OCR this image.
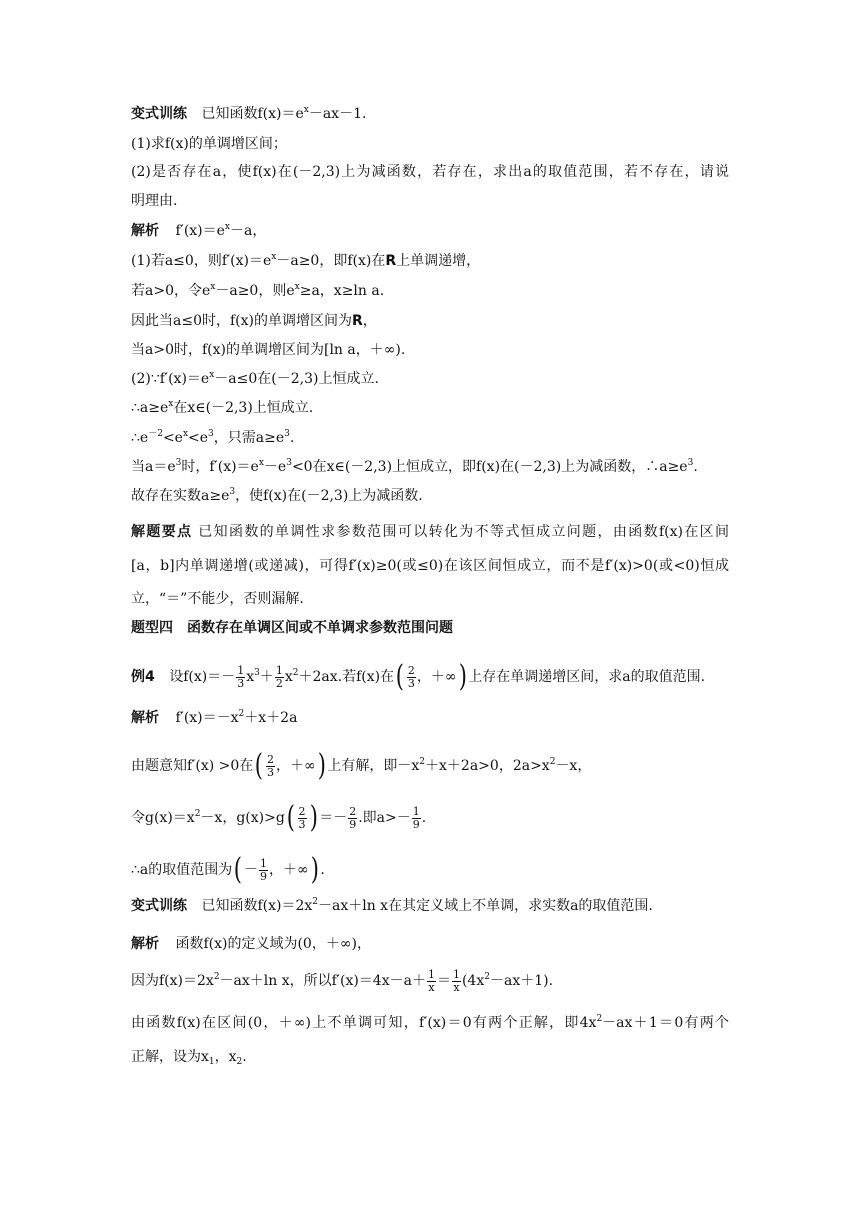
变式训练 已知函数$f(x)=e^x-ax-1$.
(1)求f(x)的单调增区间；
(2)是否存在a，使f(x)在(－2,3)上为减函数，若存在，求出a的取值范围，若不存在，请说
明理由.
解析 $f'(x)=e^x-a$，
(1)若a≤0，则$f'(x)=e^x-a\ge 0$，即f(x)在R上单调递增，
若a>0，令$e^x-a\ge 0$，则$e^x\ge a$，x≥ln a.
因此当a≤0时，f(x)的单调增区间为R，
当a>0时，f(x)的单调增区间为[ln a，＋∞).
$(2)\because f'(x)=e^x-a\le 0$在(－2,3)上恒成立.
$\therefore a\ge e^x$在x∈(－2,3)上恒成立.
$\therefore e^{-2}<e^x<e^3$，只需$a\ge e^3$.
当$a=e^3$时，$f'(x)=e^x-e^3<0$在x∈(－2,3)上恒成立，即f(x)在(－2,3)上为减函数，$\therefore a\ge e^3$.
故存在实数$a\ge e^3$，使f(x)在(－2,3)上为减函数.
解题要点 已知函数的单调性求参数范围可以转化为不等式恒成立问题，由函数f(x)在区间
[a，b]内单调递增(或递减)，可得f′(x)≥0(或≤0)在该区间恒成立，而不是f′(x)>0(或<0)恒成
立，“＝”不能少，否则漏解.
题型四　函数存在单调区间或不单调求参数范围问题
例4 设$f(x)=- \frac{1}{3} x^3+ \frac{1}{2} x^2+2ax$.若f(x)在( $\frac{2}{3}$ ，＋∞) 上存在单调递增区间，求a的取值范围.
解析 $f'(x)=-x^2+x+2a$
由题意知f′(x) >0在( $\frac{2}{3}$ ，＋∞) 上有解，即$-x^2+x+2a>0$，$2a>x^2-x$，
令$g(x)=x^2-x$，$g(x)>g( \frac{2}{3}$ ) ＝－ $\frac{2}{9}$ .即$a>- \frac{1}{9}$ .
∴a的取值范围为( － $\frac{1}{9}$ ，＋∞) .
变式训练 已知函数$f(x)=2x^2-ax+\ln$ x在其定义域上不单调，求实数a的取值范围.
解析 函数f(x)的定义域为(0，＋∞)，
因为$f(x)=2x^2-ax+\ln$ x，所以$f'(x)=4x-a+ \frac{1}{x} = \frac{1}{x} (4x^2-ax+1)$.
由函数f(x)在区间(0，＋∞)上不单调可知，f′(x)＝0有两个正解，即$4x^2-ax+1=0$有两个
正解，设为$x_1$，$x_2$.
